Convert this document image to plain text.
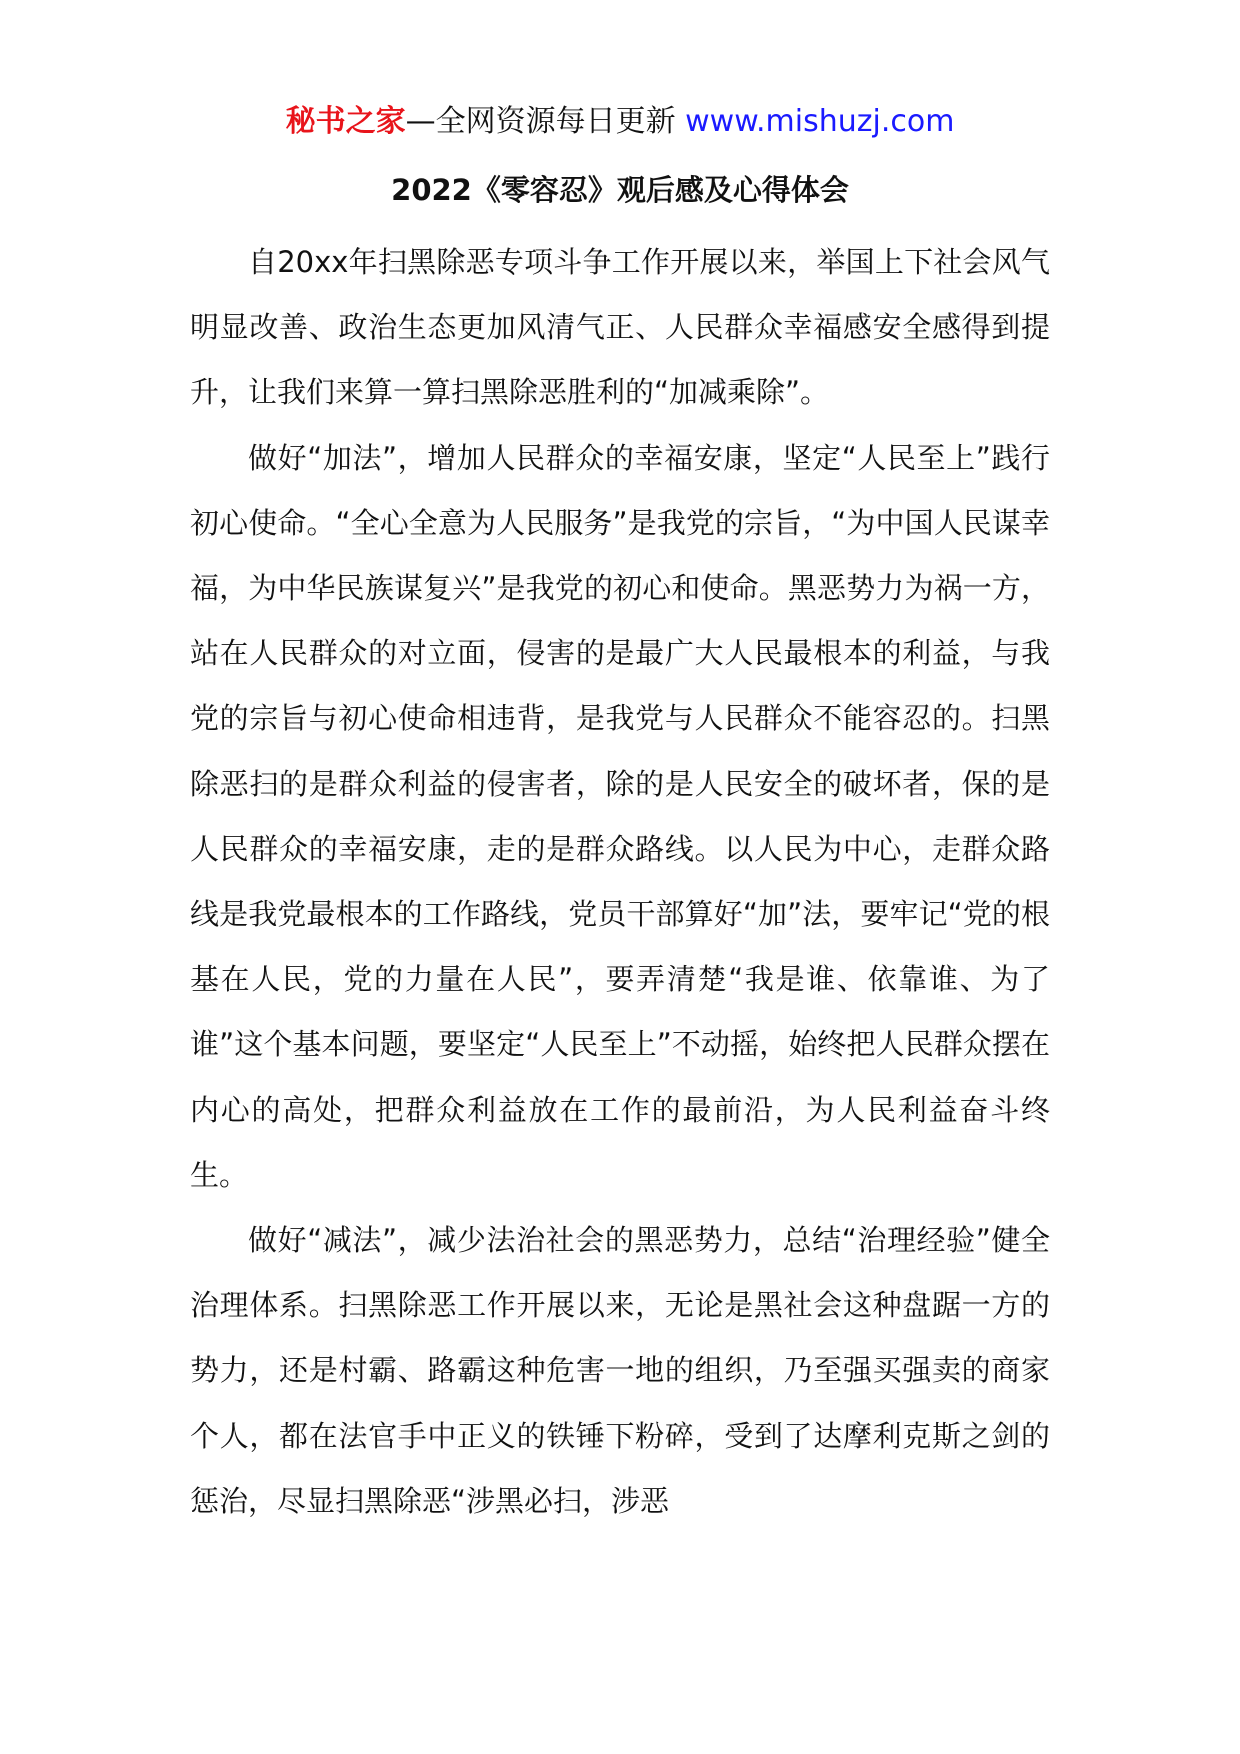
秘书之家—全网资源每日更新 www.mishuzj.com
2022《零容忍》观后感及心得体会

自20xx年扫黑除恶专项斗争工作开展以来，举国上下社会风气明显改善、政治生态更加风清气正、人民群众幸福感安全感得到提升，让我们来算一算扫黑除恶胜利的“加减乘除”。

做好“加法”，增加人民群众的幸福安康，坚定“人民至上”践行初心使命。“全心全意为人民服务”是我党的宗旨，“为中国人民谋幸福，为中华民族谋复兴”是我党的初心和使命。黑恶势力为祸一方，站在人民群众的对立面，侵害的是最广大人民最根本的利益，与我党的宗旨与初心使命相违背，是我党与人民群众不能容忍的。扫黑除恶扫的是群众利益的侵害者，除的是人民安全的破坏者，保的是人民群众的幸福安康，走的是群众路线。以人民为中心，走群众路线是我党最根本的工作路线，党员干部算好“加”法，要牢记“党的根基在人民，党的力量在人民”，要弄清楚“我是谁、依靠谁、为了谁”这个基本问题，要坚定“人民至上”不动摇，始终把人民群众摆在内心的高处，把群众利益放在工作的最前沿，为人民利益奋斗终生。

做好“减法”，减少法治社会的黑恶势力，总结“治理经验”健全治理体系。扫黑除恶工作开展以来，无论是黑社会这种盘踞一方的势力，还是村霸、路霸这种危害一地的组织，乃至强买强卖的商家个人，都在法官手中正义的铁锤下粉碎，受到了达摩利克斯之剑的惩治，尽显扫黑除恶“涉黑必扫，涉恶
